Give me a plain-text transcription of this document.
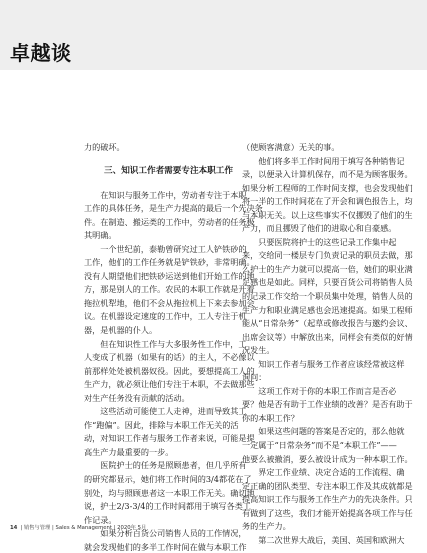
卓越谈
力的破坏。
三、知识工作者需要专注本职工作
　　在知识与服务工作中，劳动者专注于本职
工作的具体任务，是生产力提高的最后一个先决条
件。在制造、搬运类的工作中，劳动者的任务极
其明确。
　　一个世纪前，泰勒曾研究过工人铲铁砂的
工作，他们的工作任务就是铲铁砂，非常明确。
没有人期望他们把铁砂运送到他们开始工作的地
方，那是别人的工作。农民的本职工作就是开着
拖拉机犁地，他们不会从拖拉机上下来去参加会
议。在机器设定速度的工作中，工人专注于机
器，是机器的仆人。
　　但在知识性工作与大多服务性工作中，工
人变成了机器（如果有的话）的主人，不必像以
前那样处处被机器奴役。因此，要想提高工人的
生产力，就必须让他们专注于本职，不去做那些
对生产任务没有贡献的活动。
　　这些活动可能使工人走神，进而导致其工
作“跑偏”。因此，排除与本职工作无关的活
动，对知识工作者与服务工作者来说，可能是提
高生产力最重要的一步。
　　医院护士的任务是照顾患者，但几乎所有
的研究都显示，她们将工作时间的3/4都花在了
别处，均与照顾患者这一本职工作无关。确切地
说，护士2/3-3/4的工作时间都用于填写各类工
作记录。
　　如果分析百货公司销售人员的工作情况，
就会发现他们的多半工作时间在做与本职工作
（使顾客满意）无关的事。
　　他们将多半工作时间用于填写各种销售记
录，以便录入计算机保存，而不是为顾客服务。
如果分析工程师的工作时间支撑，也会发现他们
将一半的工作时间花在了开会和调色报告上，均
与本职无关。以上这些事实不仅挪毁了他们的生
产力，而且挪毁了他们的进取心和自豪感。
　　只要医院将护士的这些记录工作集中起
来，交给同一楼层专门负责记录的职员去做，那
么护士的生产力就可以提高一倍，她们的职业满
足感也是如此。同样，只要百货公司将销售人员
的记录工作交给一个职员集中处理，销售人员的
生产力和职业满足感也会迅速提高。如果工程师
能从“日常杂务”（起草或修改报告与邀约会议、
出席会议等）中解放出来，同样会有类似的好情
况发生。
　　知识工作者与服务工作者应该经常被这样
询问：
　　这项工作对于你的本职工作而言是否必
要？他是否有助于工作业绩的改善？是否有助于
你的本职工作？
　　如果这些问题的答案是否定的，那么他就
一定属于“日常杂务”而不是“本职工作”——
他要么被撤消，要么被设计成为一种本职工作。
　　界定工作业绩、决定合适的工作流程、确
定正确的团队类型、专注本职工作及其成就都是
提高知识工作与服务工作生产力的先决条件。只
有做到了这些，我们才能开始提高各项工作与任
务的生产力。
　　第二次世界大战后，美国、英国和欧洲大
14 | 销售与管理 | Sales & Management | 2020年 5月
